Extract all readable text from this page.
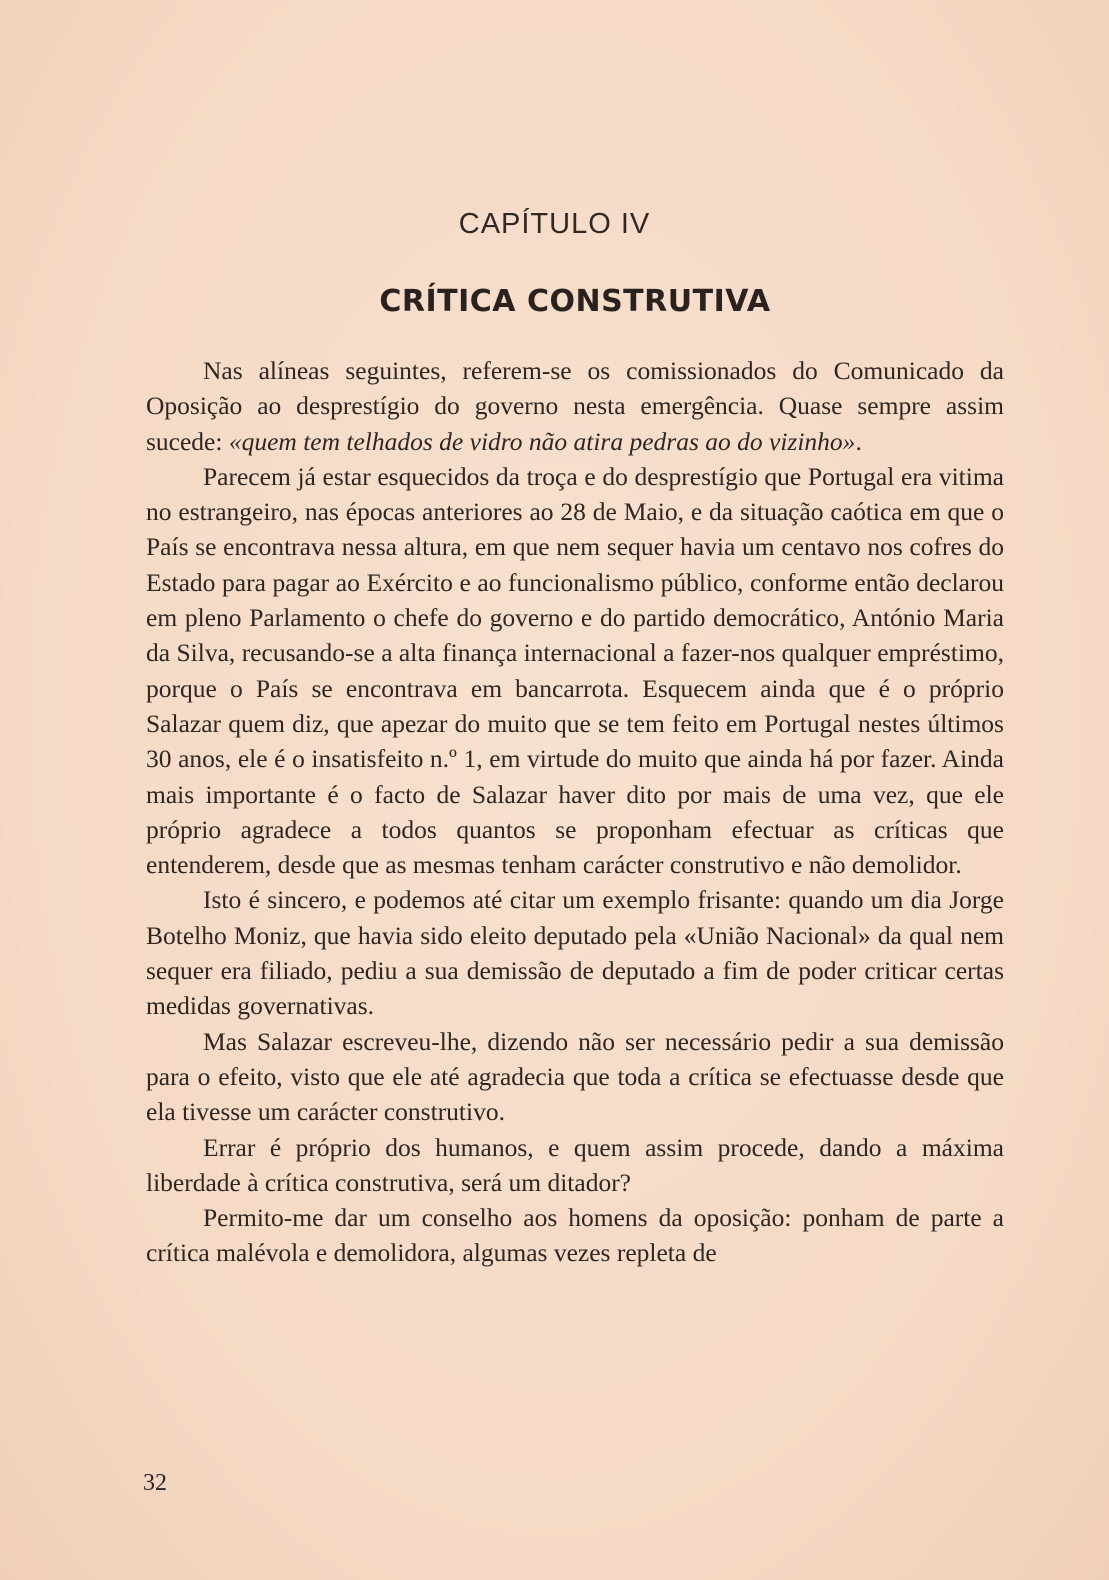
CAPÍTULO IV
CRÍTICA CONSTRUTIVA

Nas alíneas seguintes, referem-se os comissionados do Comunicado da Oposição ao desprestígio do governo nesta emergência. Quase sempre assim sucede: «quem tem telhados de vidro não atira pedras ao do vizinho».

Parecem já estar esquecidos da troça e do desprestígio que Portugal era vitima no estrangeiro, nas épocas anteriores ao 28 de Maio, e da situação caótica em que o País se encontrava nessa altura, em que nem sequer havia um centavo nos cofres do Estado para pagar ao Exército e ao funcionalismo público, conforme então declarou em pleno Parlamento o chefe do governo e do partido democrático, António Maria da Silva, recusando-se a alta finança internacional a fazer-nos qualquer empréstimo, porque o País se encontrava em bancarrota. Esquecem ainda que é o próprio Salazar quem diz, que apezar do muito que se tem feito em Portugal nestes últimos 30 anos, ele é o insatisfeito n.º 1, em virtude do muito que ainda há por fazer. Ainda mais importante é o facto de Salazar haver dito por mais de uma vez, que ele próprio agradece a todos quantos se proponham efectuar as críticas que entenderem, desde que as mesmas tenham carácter construtivo e não demolidor.

Isto é sincero, e podemos até citar um exemplo frisante: quando um dia Jorge Botelho Moniz, que havia sido eleito deputado pela «União Nacional» da qual nem sequer era filiado, pediu a sua demissão de deputado a fim de poder criticar certas medidas governativas.

Mas Salazar escreveu-lhe, dizendo não ser necessário pedir a sua demissão para o efeito, visto que ele até agradecia que toda a crítica se efectuasse desde que ela tivesse um carácter construtivo.

Errar é próprio dos humanos, e quem assim procede, dando a máxima liberdade à crítica construtiva, será um ditador?

Permito-me dar um conselho aos homens da oposição: ponham de parte a crítica malévola e demolidora, algumas vezes repleta de

32
